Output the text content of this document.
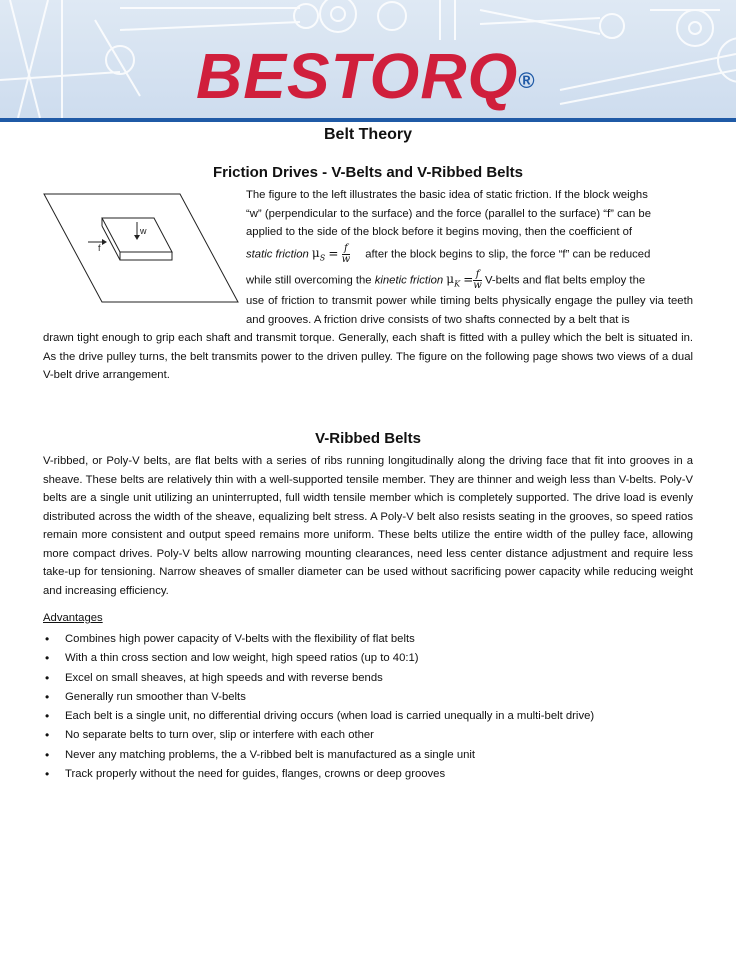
BESTORQ®
Belt Theory
Friction Drives - V-Belts and V-Ribbed Belts
w
f

The figure to the left illustrates the basic idea of static friction. If the block weighs

“w” (perpendicular to the surface) and the force (parallel to the surface) “f” can be

applied to the side of the block before it begins moving, then the coefficient of

static friction $\mu_S = \frac{f}{w}$ after the block begins to slip, the force “f” can be reduced
while still overcoming the kinetic friction $\mu_K = \frac{f}{w}$ V-belts and flat belts employ the

use of friction to transmit power while timing belts physically engage the pulley via teeth and grooves. A friction drive consists of two shafts connected by a belt that is

drawn tight enough to grip each shaft and transmit torque. Generally, each shaft is fitted with a pulley which the belt is situated in. As the drive pulley turns, the belt transmits power to the driven pulley. The figure on the following page shows two views of a dual V-belt drive arrangement.

V-Ribbed Belts

V-ribbed, or Poly-V belts, are flat belts with a series of ribs running longitudinally along the driving face that fit into grooves in a sheave. These belts are relatively thin with a well-supported tensile member. They are thinner and weigh less than V-belts. Poly-V belts are a single unit utilizing an uninterrupted, full width tensile member which is completely supported. The drive load is evenly distributed across the width of the sheave, equalizing belt stress. A Poly-V belt also resists seating in the grooves, so speed ratios remain more consistent and output speed remains more uniform. These belts utilize the entire width of the pulley face, allowing more compact drives. Poly-V belts allow narrowing mounting clearances, need less center distance adjustment and require less take-up for tensioning. Narrow sheaves of smaller diameter can be used without sacrificing power capacity while reducing weight and increasing efficiency.

Advantages
• Combines high power capacity of V-belts with the flexibility of flat belts
• With a thin cross section and low weight, high speed ratios (up to 40:1)
• Excel on small sheaves, at high speeds and with reverse bends
• Generally run smoother than V-belts
• Each belt is a single unit, no differential driving occurs (when load is carried unequally in a multi-belt drive)
• No separate belts to turn over, slip or interfere with each other
• Never any matching problems, the a V-ribbed belt is manufactured as a single unit
• Track properly without the need for guides, flanges, crowns or deep grooves
